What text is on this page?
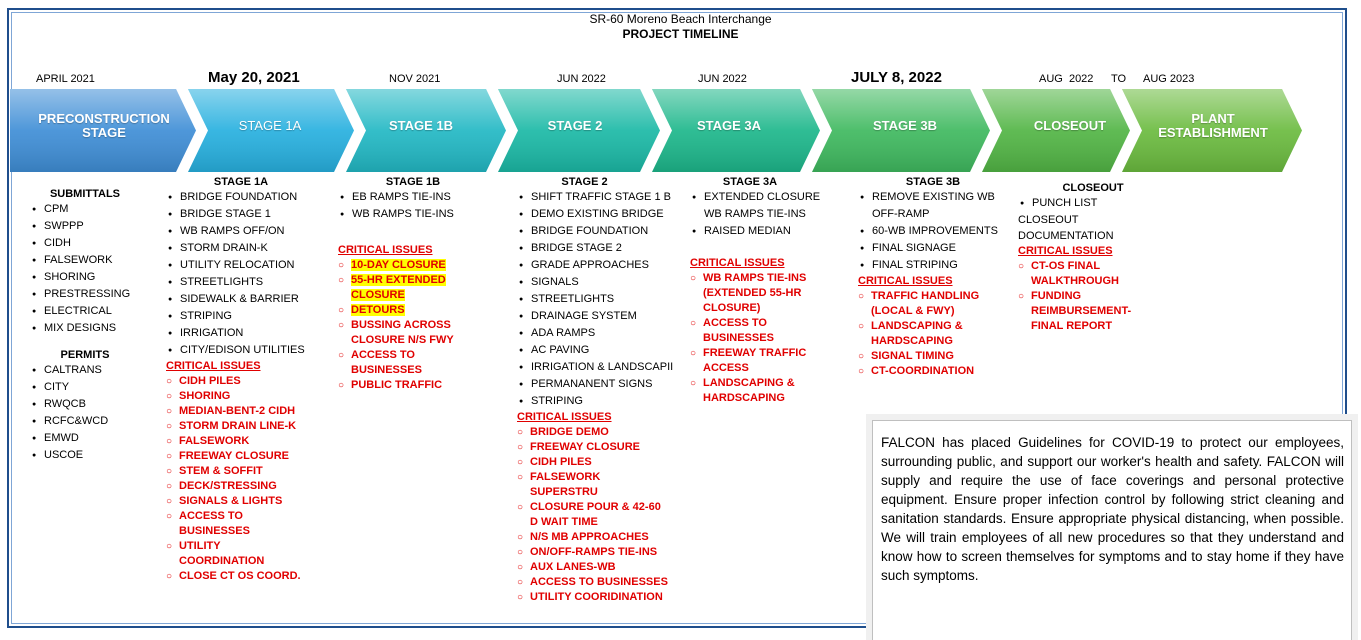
SR-60 Moreno Beach Interchange
PROJECT TIMELINE
APRIL 2021	May 20, 2021	NOV 2021	JUN 2022	JUN 2022	JULY 8, 2022	AUG  2022 TO AUG 2023
PRECONSTRUCTION
STAGE	STAGE 1A	STAGE 1B	STAGE 2	STAGE 3A	STAGE 3B	CLOSEOUT	PLANT
ESTABLISHMENT
SUBMITTALS
● CPM
● SWPPP
● CIDH
● FALSEWORK
● SHORING
● PRESTRESSING
● ELECTRICAL
● MIX DESIGNS
PERMITS
● CALTRANS
● CITY
● RWQCB
● RCFC&WCD
● EMWD
● USCOE
STAGE 1A
● BRIDGE FOUNDATION
● BRIDGE STAGE 1
● WB RAMPS OFF/ON
● STORM DRAIN-K
● UTILITY RELOCATION
● STREETLIGHTS
● SIDEWALK & BARRIER
● STRIPING
● IRRIGATION
● CITY/EDISON UTILITIES
CRITICAL ISSUES
○ CIDH PILES
○ SHORING
○ MEDIAN-BENT-2 CIDH
○ STORM DRAIN LINE-K
○ FALSEWORK
○ FREEWAY CLOSURE
○ STEM & SOFFIT
○ DECK/STRESSING
○ SIGNALS & LIGHTS
○ ACCESS TO BUSINESSES
○ UTILITY COORDINATION
○ CLOSE CT OS COORD.
STAGE 1B
● EB RAMPS TIE-INS
● WB RAMPS TIE-INS
CRITICAL ISSUES
○ 10-DAY CLOSURE
○ 55-HR EXTENDED CLOSURE
○ DETOURS
○ BUSSING ACROSS CLOSURE N/S FWY
○ ACCESS TO BUSINESSES
○ PUBLIC TRAFFIC
STAGE 2
● SHIFT TRAFFIC STAGE 1 B
● DEMO EXISTING BRIDGE
● BRIDGE FOUNDATION
● BRIDGE STAGE 2
● GRADE APPROACHES
● SIGNALS
● STREETLIGHTS
● DRAINAGE SYSTEM
● ADA RAMPS
● AC PAVING
● IRRIGATION & LANDSCAPII
● PERMANANENT SIGNS
● STRIPING
CRITICAL ISSUES
○ BRIDGE DEMO
○ FREEWAY CLOSURE
○ CIDH PILES
○ FALSEWORK SUPERSTRU
○ CLOSURE POUR & 42-60 D WAIT TIME
○ N/S MB APPROACHES
○ ON/OFF-RAMPS TIE-INS
○ AUX LANES-WB
○ ACCESS TO BUSINESSES
○ UTILITY COORIDINATION
STAGE 3A
● EXTENDED CLOSURE WB RAMPS TIE-INS
● RAISED MEDIAN
CRITICAL ISSUES
○ WB RAMPS TIE-INS (EXTENDED 55-HR CLOSURE)
○ ACCESS TO BUSINESSES
○ FREEWAY TRAFFIC ACCESS
○ LANDSCAPING & HARDSCAPING
STAGE 3B
● REMOVE EXISTING WB OFF-RAMP
● 60-WB IMPROVEMENTS
● FINAL SIGNAGE
● FINAL STRIPING
CRITICAL ISSUES
○ TRAFFIC HANDLING (LOCAL & FWY)
○ LANDSCAPING & HARDSCAPING
○ SIGNAL TIMING
○ CT-COORDINATION
CLOSEOUT
● PUNCH LIST
CLOSEOUT
DOCUMENTATION
CRITICAL ISSUES
○ CT-OS FINAL WALKTHROUGH
○ FUNDING REIMBURSEMENT-FINAL REPORT
FALCON has placed Guidelines for COVID-19 to protect our employees, surrounding public, and support our worker's health and safety. FALCON will supply and require the use of face coverings and personal protective equipment. Ensure proper infection control by following strict cleaning and sanitation standards. Ensure appropriate physical distancing, when possible. We will train employees of all new procedures so that they understand and know how to screen themselves for symptoms and to stay home if they have such symptoms.
